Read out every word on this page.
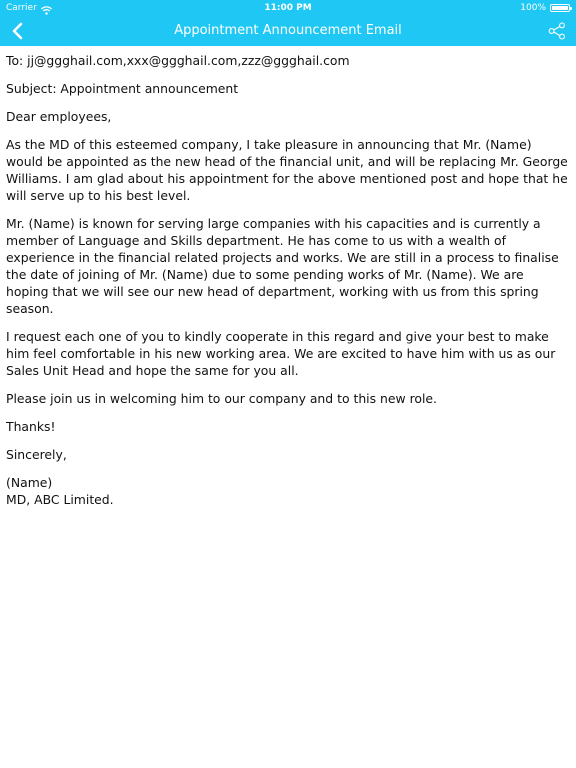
Carrier	11:00 PM	100%
Appointment Announcement Email

To: jj@ggghail.com,xxx@ggghail.com,zzz@ggghail.com

Subject: Appointment announcement

Dear employees,

As the MD of this esteemed company, I take pleasure in announcing that Mr. (Name) would be appointed as the new head of the financial unit, and will be replacing Mr. George Williams. I am glad about his appointment for the above mentioned post and hope that he will serve up to his best level.

Mr. (Name) is known for serving large companies with his capacities and is currently a member of Language and Skills department. He has come to us with a wealth of experience in the financial related projects and works. We are still in a process to finalise the date of joining of Mr. (Name) due to some pending works of Mr. (Name). We are hoping that we will see our new head of department, working with us from this spring season.

I request each one of you to kindly cooperate in this regard and give your best to make him feel comfortable in his new working area. We are excited to have him with us as our Sales Unit Head and hope the same for you all.

Please join us in welcoming him to our company and to this new role.

Thanks!

Sincerely,

(Name)
MD, ABC Limited.
